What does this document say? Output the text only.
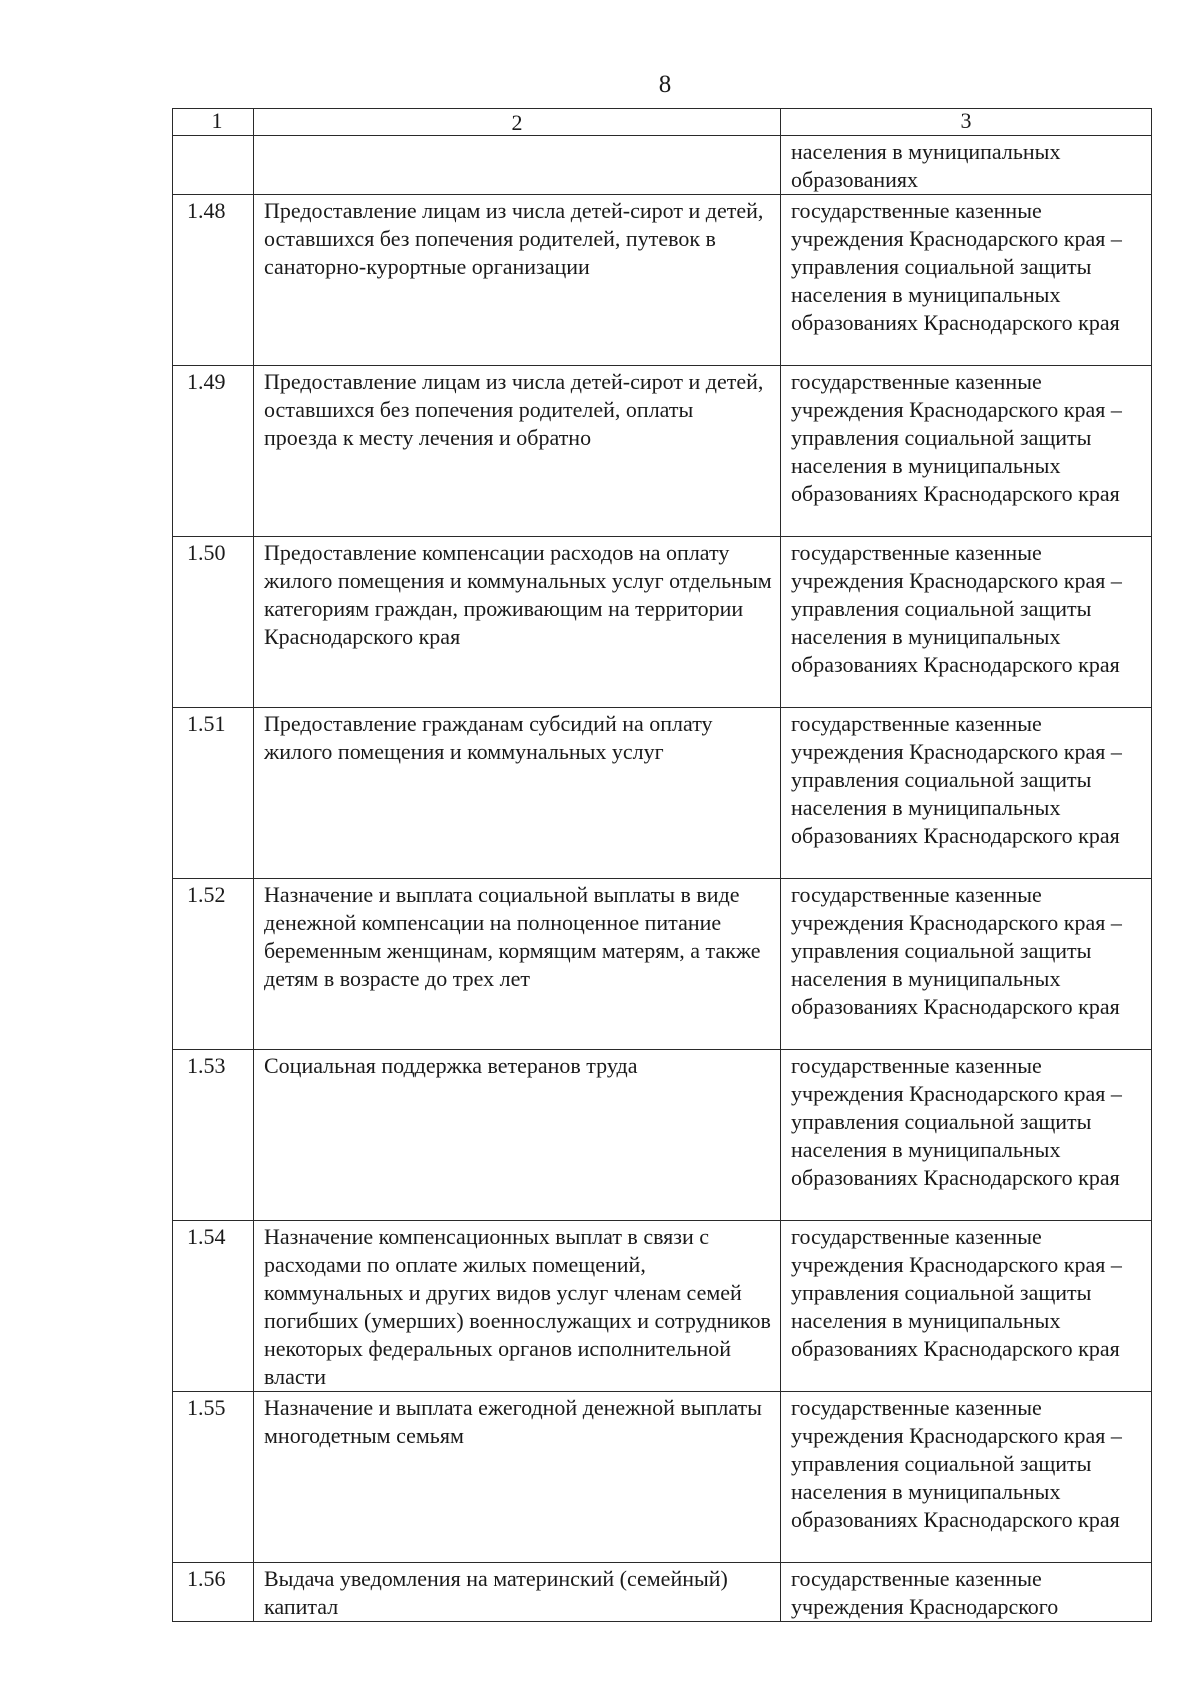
8
1	2	3
		населения в муниципальных образованиях
1.48	Предоставление лицам из числа детей-сирот и детей, оставшихся без попечения родителей, путевок в санаторно-курортные организации	государственные казенные учреждения Краснодарского края – управления социальной защиты населения в муниципальных образованиях Краснодарского края
1.49	Предоставление лицам из числа детей-сирот и детей, оставшихся без попечения родителей, оплаты проезда к месту лечения и обратно	государственные казенные учреждения Краснодарского края – управления социальной защиты населения в муниципальных образованиях Краснодарского края
1.50	Предоставление компенсации расходов на оплату жилого помещения и коммунальных услуг отдельным категориям граждан, проживающим на территории Краснодарского края	государственные казенные учреждения Краснодарского края – управления социальной защиты населения в муниципальных образованиях Краснодарского края
1.51	Предоставление гражданам субсидий на оплату жилого помещения и коммунальных услуг	государственные казенные учреждения Краснодарского края – управления социальной защиты населения в муниципальных образованиях Краснодарского края
1.52	Назначение и выплата социальной выплаты в виде денежной компенсации на полноценное питание беременным женщинам, кормящим матерям, а также детям в возрасте до трех лет	государственные казенные учреждения Краснодарского края – управления социальной защиты населения в муниципальных образованиях Краснодарского края
1.53	Социальная поддержка ветеранов труда	государственные казенные учреждения Краснодарского края – управления социальной защиты населения в муниципальных образованиях Краснодарского края
1.54	Назначение компенсационных выплат в связи с расходами по оплате жилых помещений, коммунальных и других видов услуг членам семей погибших (умерших) военнослужащих и сотрудников некоторых федеральных органов исполнительной власти	государственные казенные учреждения Краснодарского края – управления социальной защиты населения в муниципальных образованиях Краснодарского края
1.55	Назначение и выплата ежегодной денежной выплаты многодетным семьям	государственные казенные учреждения Краснодарского края – управления социальной защиты населения в муниципальных образованиях Краснодарского края
1.56	Выдача уведомления на материнский (семейный) капитал	государственные казенные учреждения Краснодарского
